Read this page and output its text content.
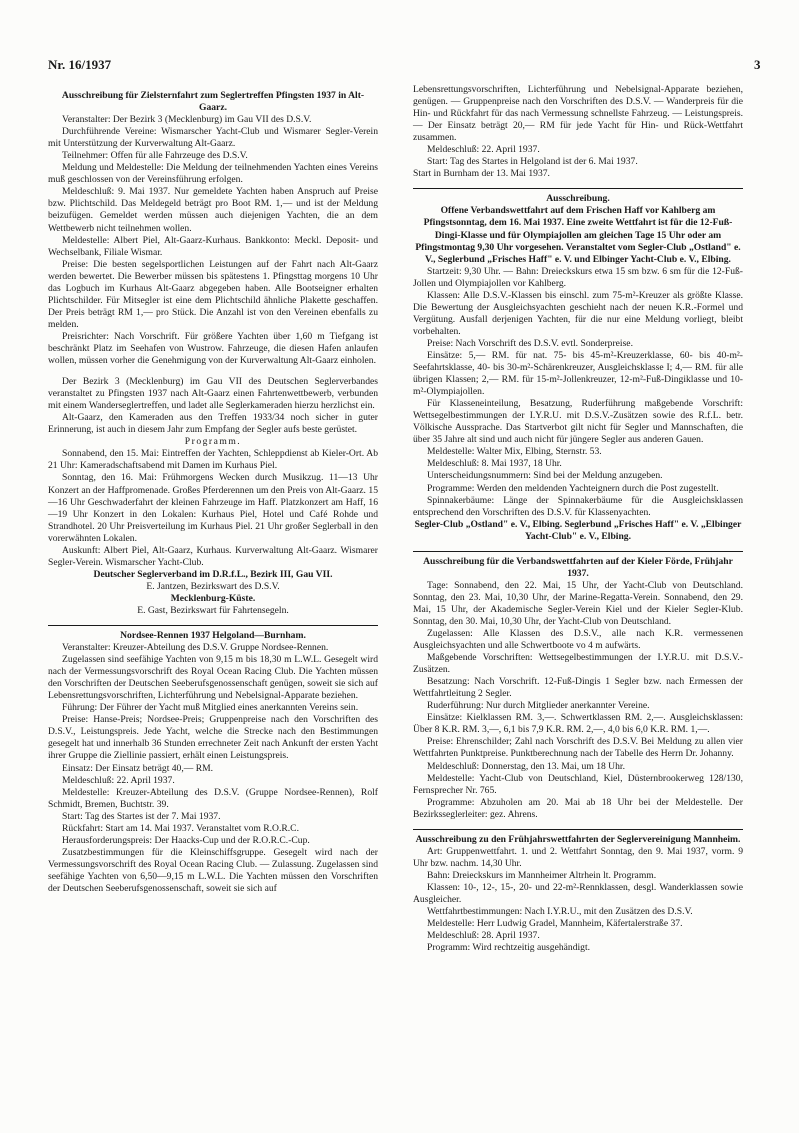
Nr. 16/1937	3

Ausschreibung für Zielsternfahrt zum Seglertreffen Pfingsten 1937 in Alt-Gaarz.

Veranstalter: Der Bezirk 3 (Mecklenburg) im Gau VII des D.S.V.

Durchführende Vereine: Wismarscher Yacht-Club und Wismarer Segler-Verein mit Unterstützung der Kurverwaltung Alt-Gaarz.

Teilnehmer: Offen für alle Fahrzeuge des D.S.V.

Meldung und Meldestelle: Die Meldung der teilnehmenden Yachten eines Vereins muß geschlossen von der Vereinsführung erfolgen.

Meldeschluß: 9. Mai 1937. Nur gemeldete Yachten haben Anspruch auf Preise bzw. Plichtschild. Das Meldegeld beträgt pro Boot RM. 1,— und ist der Meldung beizufügen. Gemeldet werden müssen auch diejenigen Yachten, die an dem Wettbewerb nicht teilnehmen wollen.

Meldestelle: Albert Piel, Alt-Gaarz-Kurhaus. Bankkonto: Meckl. Deposit- und Wechselbank, Filiale Wismar.

Preise: Die besten segelsportlichen Leistungen auf der Fahrt nach Alt-Gaarz werden bewertet. Die Bewerber müssen bis spätestens 1. Pfingsttag morgens 10 Uhr das Logbuch im Kurhaus Alt-Gaarz abgegeben haben. Alle Bootseigner erhalten Plichtschilder. Für Mitsegler ist eine dem Plichtschild ähnliche Plakette geschaffen. Der Preis beträgt RM 1,— pro Stück. Die Anzahl ist von den Vereinen ebenfalls zu melden.

Preisrichter: Nach Vorschrift. Für größere Yachten über 1,60 m Tiefgang ist beschränkt Platz im Seehafen von Wustrow. Fahrzeuge, die diesen Hafen anlaufen wollen, müssen vorher die Genehmigung von der Kurverwaltung Alt-Gaarz einholen.

Der Bezirk 3 (Mecklenburg) im Gau VII des Deutschen Seglerverbandes veranstaltet zu Pfingsten 1937 nach Alt-Gaarz einen Fahrtenwettbewerb, verbunden mit einem Wanderseglertreffen, und ladet alle Seglerkameraden hierzu herzlichst ein.

Alt-Gaarz, den Kameraden aus den Treffen 1933/34 noch sicher in guter Erinnerung, ist auch in diesem Jahr zum Empfang der Segler aufs beste gerüstet.

Programm.

Sonnabend, den 15. Mai: Eintreffen der Yachten, Schleppdienst ab Kieler-Ort. Ab 21 Uhr: Kameradschaftsabend mit Damen im Kurhaus Piel.

Sonntag, den 16. Mai: Frühmorgens Wecken durch Musikzug. 11—13 Uhr Konzert an der Haffpromenade. Großes Pferderennen um den Preis von Alt-Gaarz. 15—16 Uhr Geschwaderfahrt der kleinen Fahrzeuge im Haff. Platzkonzert am Haff, 16—19 Uhr Konzert in den Lokalen: Kurhaus Piel, Hotel und Café Rohde und Strandhotel. 20 Uhr Preisverteilung im Kurhaus Piel. 21 Uhr großer Seglerball in den vorerwähnten Lokalen.

Auskunft: Albert Piel, Alt-Gaarz, Kurhaus. Kurverwaltung Alt-Gaarz. Wismarer Segler-Verein. Wismarscher Yacht-Club.

Deutscher Seglerverband im D.R.f.L., Bezirk III, Gau VII.

E. Jantzen, Bezirkswart des D.S.V.

Mecklenburg-Küste.

E. Gast, Bezirkswart für Fahrtensegeln.

Nordsee-Rennen 1937 Helgoland—Burnham.

Veranstalter: Kreuzer-Abteilung des D.S.V. Gruppe Nordsee-Rennen.

Zugelassen sind seefähige Yachten von 9,15 m bis 18,30 m L.W.L. Gesegelt wird nach der Vermessungsvorschrift des Royal Ocean Racing Club. Die Yachten müssen den Vorschriften der Deutschen Seeberufsgenossenschaft genügen, soweit sie sich auf Lebensrettungsvorschriften, Lichterführung und Nebelsignal-Apparate beziehen.

Führung: Der Führer der Yacht muß Mitglied eines anerkannten Vereins sein.

Preise: Hanse-Preis; Nordsee-Preis; Gruppenpreise nach den Vorschriften des D.S.V., Leistungspreis. Jede Yacht, welche die Strecke nach den Bestimmungen gesegelt hat und innerhalb 36 Stunden errechneter Zeit nach Ankunft der ersten Yacht ihrer Gruppe die Ziellinie passiert, erhält einen Leistungspreis.

Einsatz: Der Einsatz beträgt 40,— RM.

Meldeschluß: 22. April 1937.

Meldestelle: Kreuzer-Abteilung des D.S.V. (Gruppe Nordsee-Rennen), Rolf Schmidt, Bremen, Buchtstr. 39.

Start: Tag des Startes ist der 7. Mai 1937.

Rückfahrt: Start am 14. Mai 1937. Veranstaltet vom R.O.R.C.

Herausforderungspreis: Der Haacks-Cup und der R.O.R.C.-Cup.

Zusatzbestimmungen für die Kleinschiffsgruppe. Gesegelt wird nach der Vermessungsvorschrift des Royal Ocean Racing Club. — Zulassung. Zugelassen sind seefähige Yachten von 6,50—9,15 m L.W.L. Die Yachten müssen den Vorschriften der Deutschen Seeberufsgenossenschaft, soweit sie sich auf

Lebensrettungsvorschriften, Lichterführung und Nebelsignal-Apparate beziehen, genügen. — Gruppenpreise nach den Vorschriften des D.S.V. — Wanderpreis für die Hin- und Rückfahrt für das nach Vermessung schnellste Fahrzeug. — Leistungspreis. — Der Einsatz beträgt 20,— RM für jede Yacht für Hin- und Rück-Wettfahrt zusammen.

Meldeschluß: 22. April 1937.

Start: Tag des Startes in Helgoland ist der 6. Mai 1937.

Start in Burnham der 13. Mai 1937.

Ausschreibung.

Offene Verbandswettfahrt auf dem Frischen Haff vor Kahlberg am Pfingstsonntag, dem 16. Mai 1937. Eine zweite Wettfahrt ist für die 12-Fuß-Dingi-Klasse und für Olympiajollen am gleichen Tage 15 Uhr oder am Pfingstmontag 9,30 Uhr vorgesehen. Veranstaltet vom Segler-Club „Ostland" e. V., Seglerbund „Frisches Haff" e. V. und Elbinger Yacht-Club e. V., Elbing.

Startzeit: 9,30 Uhr. — Bahn: Dreieckskurs etwa 15 sm bzw. 6 sm für die 12-Fuß-Jollen und Olympiajollen vor Kahlberg.

Klassen: Alle D.S.V.-Klassen bis einschl. zum 75-m²-Kreuzer als größte Klasse. Die Bewertung der Ausgleichsyachten geschieht nach der neuen K.R.-Formel und Vergütung. Ausfall derjenigen Yachten, für die nur eine Meldung vorliegt, bleibt vorbehalten.

Preise: Nach Vorschrift des D.S.V. evtl. Sonderpreise.

Einsätze: 5,— RM. für nat. 75- bis 45-m²-Kreuzerklasse, 60- bis 40-m²-Seefahrtsklasse, 40- bis 30-m²-Schärenkreuzer, Ausgleichsklasse I; 4,— RM. für alle übrigen Klassen; 2,— RM. für 15-m²-Jollenkreuzer, 12-m²-Fuß-Dingiklasse und 10-m²-Olympiajollen.

Für Klasseneinteilung, Besatzung, Ruderführung maßgebende Vorschrift: Wettsegelbestimmungen der I.Y.R.U. mit D.S.V.-Zusätzen sowie des R.f.L. betr. Völkische Aussprache. Das Startverbot gilt nicht für Segler und Mannschaften, die über 35 Jahre alt sind und auch nicht für jüngere Segler aus anderen Gauen.

Meldestelle: Walter Mix, Elbing, Sternstr. 53.

Meldeschluß: 8. Mai 1937, 18 Uhr.

Unterscheidungsnummern: Sind bei der Meldung anzugeben.

Programme: Werden den meldenden Yachteignern durch die Post zugestellt.

Spinnakerbäume: Länge der Spinnakerbäume für die Ausgleichsklassen entsprechend den Vorschriften des D.S.V. für Klassenyachten.

Segler-Club „Ostland" e. V., Elbing. Seglerbund „Frisches Haff" e. V. „Elbinger Yacht-Club" e. V., Elbing.

Ausschreibung für die Verbandswettfahrten auf der Kieler Förde, Frühjahr 1937.

Tage: Sonnabend, den 22. Mai, 15 Uhr, der Yacht-Club von Deutschland. Sonntag, den 23. Mai, 10,30 Uhr, der Marine-Regatta-Verein. Sonnabend, den 29. Mai, 15 Uhr, der Akademische Segler-Verein Kiel und der Kieler Segler-Klub. Sonntag, den 30. Mai, 10,30 Uhr, der Yacht-Club von Deutschland.

Zugelassen: Alle Klassen des D.S.V., alle nach K.R. vermessenen Ausgleichsyachten und alle Schwertboote vo 4 m aufwärts.

Maßgebende Vorschriften: Wettsegelbestimmungen der I.Y.R.U. mit D.S.V.-Zusätzen.

Besatzung: Nach Vorschrift. 12-Fuß-Dingis 1 Segler bzw. nach Ermessen der Wettfahrtleitung 2 Segler.

Ruderführung: Nur durch Mitglieder anerkannter Vereine.

Einsätze: Kielklassen RM. 3,—. Schwertklassen RM. 2,—. Ausgleichsklassen: Über 8 K.R. RM. 3,—, 6,1 bis 7,9 K.R. RM. 2,—, 4,0 bis 6,0 K.R. RM. 1,—.

Preise: Ehrenschilder; Zahl nach Vorschrift des D.S.V. Bei Meldung zu allen vier Wettfahrten Punktpreise. Punktberechnung nach der Tabelle des Herrn Dr. Johanny.

Meldeschluß: Donnerstag, den 13. Mai, um 18 Uhr.

Meldestelle: Yacht-Club von Deutschland, Kiel, Düsternbrookerweg 128/130, Fernsprecher Nr. 765.

Programme: Abzuholen am 20. Mai ab 18 Uhr bei der Meldestelle. Der Bezirksseglerleiter: gez. Ahrens.

Ausschreibung zu den Frühjahrswettfahrten der Seglervereinigung Mannheim.

Art: Gruppenwettfahrt. 1. und 2. Wettfahrt Sonntag, den 9. Mai 1937, vorm. 9 Uhr bzw. nachm. 14,30 Uhr.

Bahn: Dreieckskurs im Mannheimer Altrhein lt. Programm.

Klassen: 10-, 12-, 15-, 20- und 22-m²-Rennklassen, desgl. Wanderklassen sowie Ausgleicher.

Wettfahrtbestimmungen: Nach I.Y.R.U., mit den Zusätzen des D.S.V.

Meldestelle: Herr Ludwig Gradel, Mannheim, Käfertalerstraße 37.

Meldeschluß: 28. April 1937.

Programm: Wird rechtzeitig ausgehändigt.
